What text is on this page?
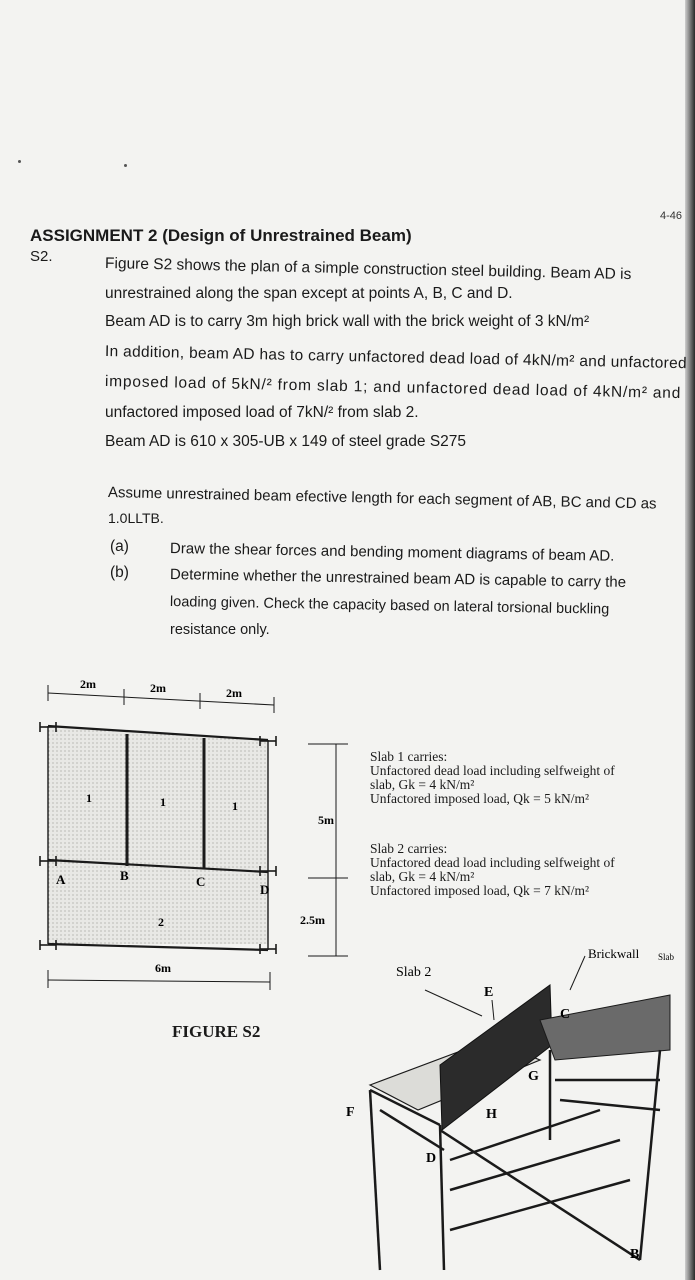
4-46
ASSIGNMENT 2 (Design of Unrestrained Beam)
S2.	Figure S2 shows the plan of a simple construction steel building. Beam AD is
unrestrained along the span except at points A, B, C and D.
Beam AD is to carry 3m high brick wall with the brick weight of 3 kN/m²
In addition, beam AD has to carry unfactored dead load of 4kN/m² and unfactored
imposed load of 5kN/² from slab 1; and unfactored dead load of 4kN/m² and
unfactored imposed load of 7kN/² from slab 2.
Beam AD is 610 x 305-UB x 149 of steel grade S275
Assume unrestrained beam efective length for each segment of AB, BC and CD as
1.0LLTB.
(a)	Draw the shear forces and bending moment diagrams of beam AD.
(b)	Determine whether the unrestrained beam AD is capable to carry the
loading given. Check the capacity based on lateral torsional buckling
resistance only.
2m	2m	2m
6m
5m
2.5m
A	B	C
D
1	1	1
2
Slab 1 carries:
Unfactored dead load including selfweight of
slab, Gk = 4 kN/m²
Unfactored imposed load, Qk = 5 kN/m²
Slab 2 carries:
Unfactored dead load including selfweight of
slab, Gk = 4 kN/m²
Unfactored imposed load, Qk = 7 kN/m²
FIGURE S2
Slab 2
Brickwall Slab
E
C
G
H
F
D
B
